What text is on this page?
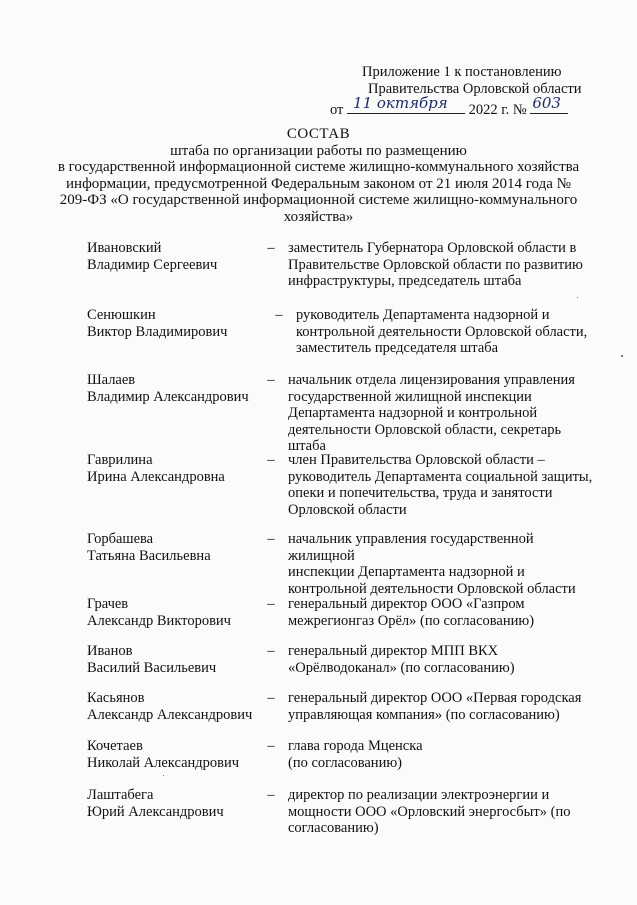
Приложение 1 к постановлению
Правительства Орловской области
от 11 октября 2022 г. № 603
СОСТАВ
штаба по организации работы по размещению
в государственной информационной системе жилищно-коммунального хозяйства
информации, предусмотренной Федеральным законом от 21 июля 2014 года №
209-ФЗ «О государственной информационной системе жилищно-коммунального
хозяйства»
Ивановский
Владимир Сергеевич
– заместитель Губернатора Орловской области в
Правительстве Орловской области по развитию
инфраструктуры, председатель штаба
Сенюшкин
Виктор Владимирович
– руководитель Департамента надзорной и
контрольной деятельности Орловской области,
заместитель председателя штаба
Шалаев
Владимир Александрович
– начальник отдела лицензирования управления
государственной жилищной инспекции
Департамента надзорной и контрольной
деятельности Орловской области, секретарь штаба
Гаврилина
Ирина Александровна
– член Правительства Орловской области –
руководитель Департамента социальной защиты,
опеки и попечительства, труда и занятости
Орловской области
Горбашева
Татьяна Васильевна
– начальник управления государственной жилищной
инспекции Департамента надзорной и
контрольной деятельности Орловской области
Грачев
Александр Викторович
– генеральный директор ООО «Газпром
межрегионгаз Орёл» (по согласованию)
Иванов
Василий Васильевич
– генеральный директор МПП ВКХ
«Орёлводоканал» (по согласованию)
Касьянов
Александр Александрович
– генеральный директор ООО «Первая городская
управляющая компания» (по согласованию)
Кочетаев
Николай Александрович
– глава города Мценска
(по согласованию)
Лаштабега
Юрий Александрович
– директор по реализации электроэнергии и
мощности ООО «Орловский энергосбыт» (по
согласованию)
